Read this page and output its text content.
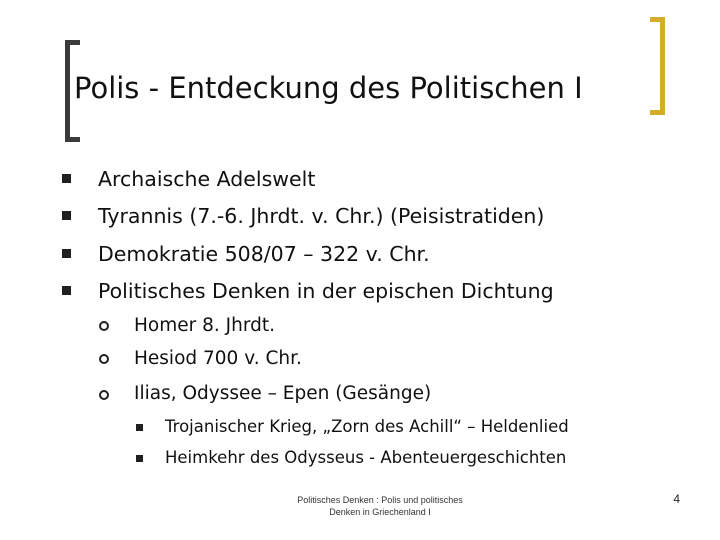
Polis - Entdeckung des Politischen I
Archaische Adelswelt
Tyrannis (7.-6. Jhrdt. v. Chr.) (Peisistratiden)
Demokratie 508/07 – 322 v. Chr.
Politisches Denken in der epischen Dichtung
Homer 8. Jhrdt.
Hesiod 700 v. Chr.
Ilias, Odyssee – Epen (Gesänge)
Trojanischer Krieg, „Zorn des Achill“ – Heldenlied
Heimkehr des Odysseus - Abenteuergeschichten
Politisches Denken : Polis und politisches
Denken in Griechenland I
4
